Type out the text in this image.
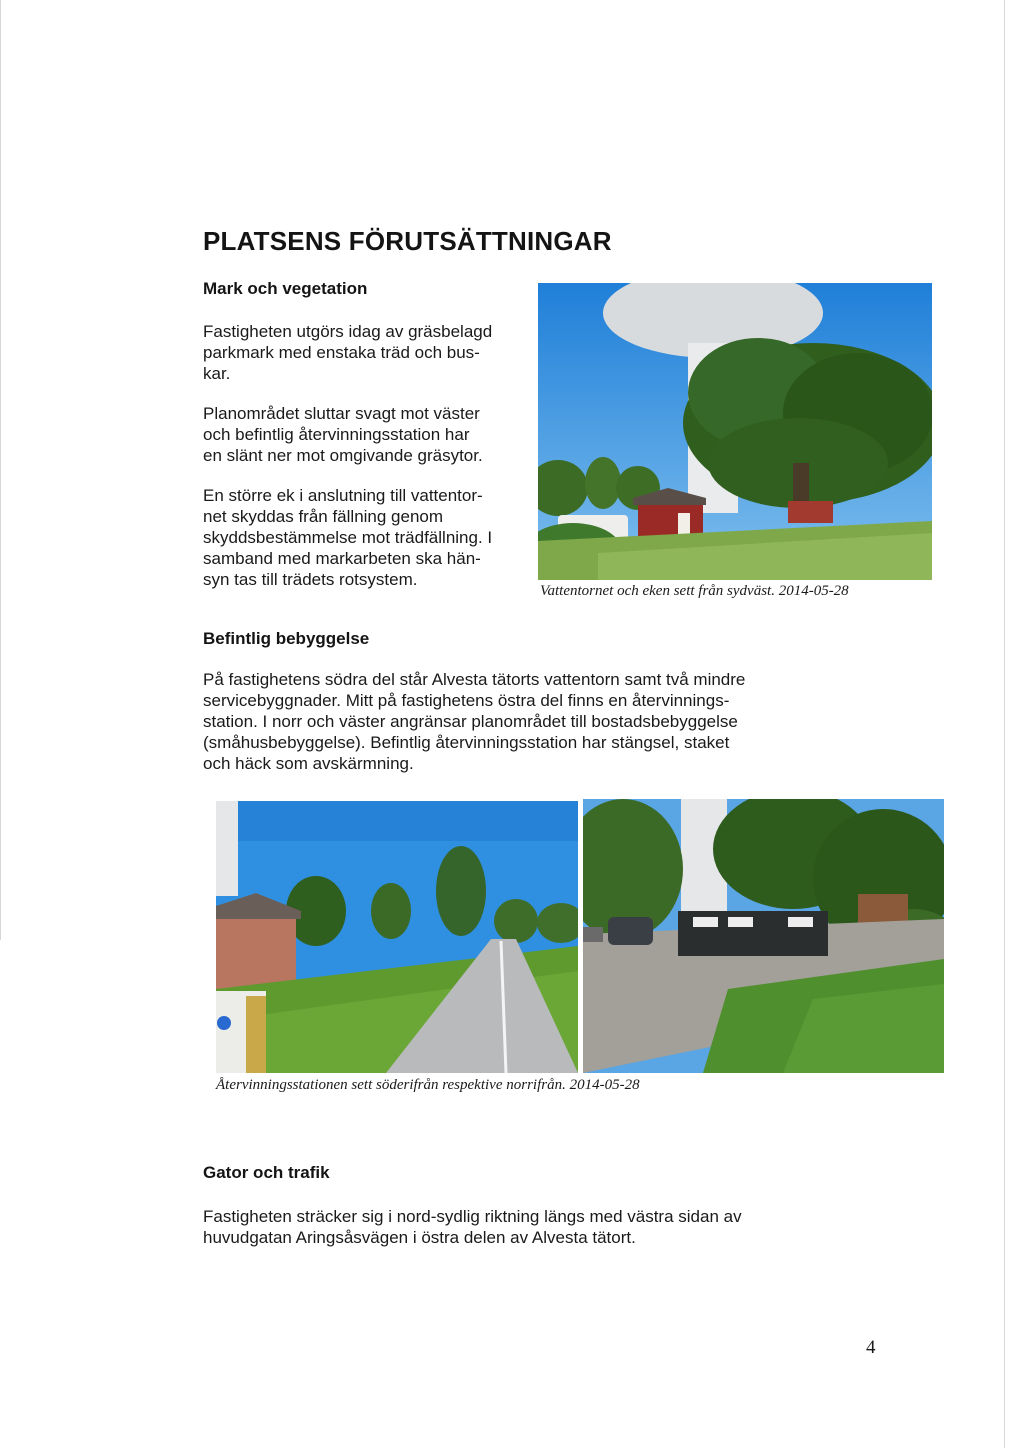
PLATSENS FÖRUTSÄTTNINGAR
Mark och vegetation

Fastigheten utgörs idag av gräsbelagd
parkmark med enstaka träd och bus-
kar.

Planområdet sluttar svagt mot väster
och befintlig återvinningsstation har
en slänt ner mot omgivande gräsytor.

En större ek i anslutning till vattentor-
net skyddas från fällning genom
skyddsbestämmelse mot trädfällning. I
samband med markarbeten ska hän-
syn tas till trädets rotsystem.

Vattentornet och eken sett från sydväst. 2014-05-28

Befintlig bebyggelse

På fastighetens södra del står Alvesta tätorts vattentorn samt två mindre
servicebyggnader. Mitt på fastighetens östra del finns en återvinnings-
station. I norr och väster angränsar planområdet till bostadsbebyggelse
(småhusbebyggelse). Befintlig återvinningsstation har stängsel, staket
och häck som avskärmning.

Återvinningsstationen sett söderifrån respektive norrifrån. 2014-05-28

Gator och trafik

Fastigheten sträcker sig i nord-sydlig riktning längs med västra sidan av
huvudgatan Aringsåsvägen i östra delen av Alvesta tätort.

4
